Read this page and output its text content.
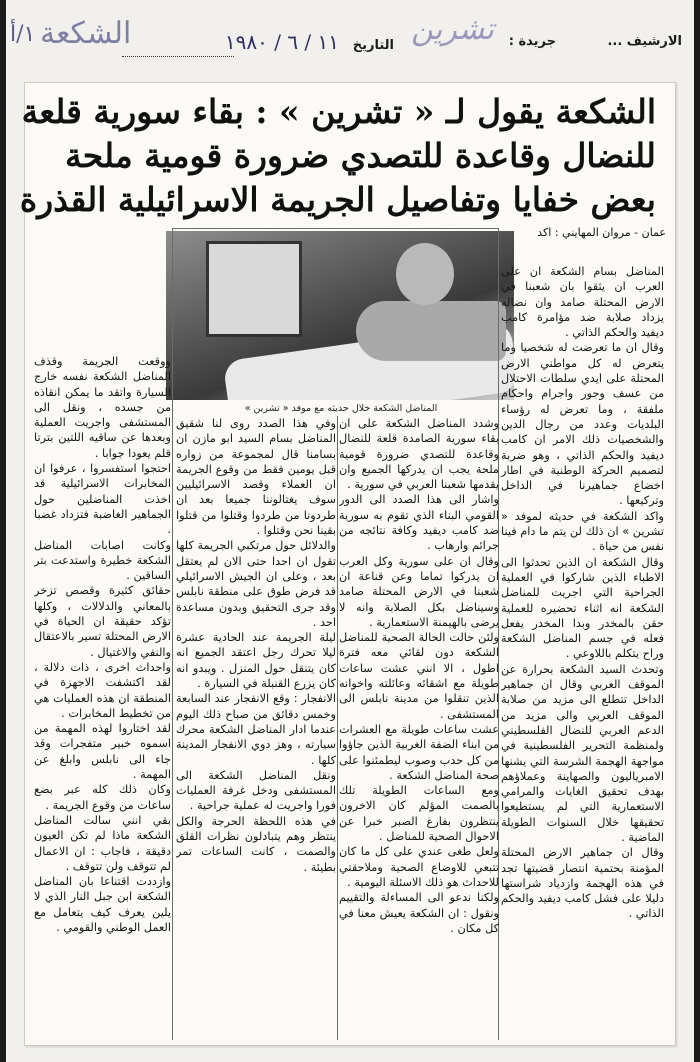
الارشيف ...
جريدة :
تشرين
التاريخ
١١ / ٦ / ١٩٨٠
الشكعة
١/أ
الشكعة يقول لـ « تشرين » : بقاء سورية قلعة
للنضال وقاعدة للتصدي ضرورة قومية ملحة
بعض خفايا وتفاصيل الجريمة الاسرائيلية القذرة
عمان - مروان المهايني : اكد
المناضل الشكعة خلال حديثه مع موفد « تشرين »

المناضل بسام الشكعة ان على العرب ان يثقوا بان شعبنا في الارض المحتلة صامد وان نضاله يزداد صلابة ضد مؤامرة كامب ديفيد والحكم الذاتي .

وقال ان ما تعرضت له شخصيا وما يتعرض له كل مواطني الارض المحتلة على ايدي سلطات الاحتلال من عسف وجور واجرام واحكام ملفقة ، وما تعرض له رؤساء البلديات وعدد من رجال الدين والشخصيات ذلك الامر ان كامب ديفيد والحكم الذاتي ، وهو ضربة لتصميم الحركة الوطنية في اطار اخضاع جماهيرنا في الداخل وتركيعها .

واكد الشكعة في حديثه لموفد « تشرين » ان ذلك لن يتم ما دام فينا نفس من حياة .

وقال الشكعة ان الذين تحدثوا الى الاطباء الذين شاركوا في العملية الجراحية التي اجريت للمناضل الشكعة انه اثناء تحضيره للعملية حقن بالمخدر وبدا المخدر يفعل فعله في جسم المناضل الشكعة وراح يتكلم باللاوعي .

وتحدث السيد الشكعة بحرارة عن الموقف العربي وقال ان جماهير الداخل تتطلع الى مزيد من صلابة الموقف العربي والى مزيد من الدعم العربي للنضال الفلسطيني ولمنظمة التحرير الفلسطينية في مواجهة الهجمة الشرسة التي يشنها الامبرياليون والصهاينة وعملاؤهم بهدف تحقيق الغايات والمرامي الاستعمارية التي لم يستطيعوا تحقيقها خلال السنوات الطويلة الماضية .

وقال ان جماهير الارض المحتلة المؤمنة بحتمية انتصار قضيتها تجد في هذه الهجمة وازدياد شراستها دليلا على فشل كامب ديفيد والحكم الذاتي .

وشدد المناضل الشكعة على ان بقاء سورية الصامدة قلعة للنضال وقاعدة للتصدي ضرورة قومية ملحة يجب ان يدركها الجميع وان يقدمها شعبنا العربي في سورية .

واشار الى هذا الصدد الى الدور القومي البناء الذي تقوم به سورية ضد كامب ديفيد وكافة نتائجه من جرائم وارهاب .

وقال ان على سورية وكل العرب ان يدركوا تماما وعن قناعة ان شعبنا في الارض المحتلة صامد وسيناضل بكل الصلابة وانه لا يرضى بالهيمنة الاستعمارية .

ولئن حالت الحالة الصحية للمناضل الشكعة دون لقائي معه فترة اطول ، الا انني عشت ساعات طويلة مع اشقائه وعائلته واخوانه الذين تنقلوا من مدينة نابلس الى المستشفى .

عشت ساعات طويلة مع العشرات من ابناء الضفة الغربية الذين جاؤوا من كل حدب وصوب ليطمئنوا على صحة المناضل الشكعة .

ومع الساعات الطويلة تلك بالصمت المؤلم كان الاخرون ينتظرون بفارغ الصبر خبرا عن الاحوال الصحية للمناضل .

ولعل طغى عندي على كل ما كان تتبعي للاوضاع الصحية وملاحقتي للاحداث هو ذلك الاسئلة اليومية .

ولكنا ندعو الى المساءلة والتقييم ونقول : ان الشكعة يعيش معنا في كل مكان .

وفي هذا الصدد روى لنا شقيق المناضل بسام السيد ابو مازن ان بسامنا قال لمجموعة من زواره قبل يومين فقط من وقوع الجريمة ان العملاء وقصد الاسرائيليين سوف يغتالوننا جميعا بعد ان طردونا من طردوا وقتلوا من قتلوا بقينا نحن وقتلوا .

والدلائل حول مرتكبي الجريمة كلها تقول ان احدا حتى الان لم يعتقل بعد ، وعلى ان الجيش الاسرائيلي قد فرض طوق على منطقة نابلس وقد جرى التحقيق وبدون مساعدة احد .

ليلة الجريمة عند الحادية عشرة ليلا تحرك رجل اعتقد الجميع انه كان يتنقل حول المنزل . ويبدو انه كان يزرع القنبلة في السيارة .

الانفجار : وقع الانفجار عند السابعة وخمس دقائق من صباح ذلك اليوم عندما ادار المناضل الشكعة محرك سيارته ، وهز دوي الانفجار المدينة كلها .

ونقل المناضل الشكعة الى المستشفى ودخل غرفة العمليات فورا واجريت له عملية جراحية .

في هذه اللحظة الحرجة والكل ينتظر وهم يتبادلون نظرات القلق والصمت ، كانت الساعات تمر بطيئة .

ووقعت الجريمة وقذف المناضل الشكعة نفسه خارج السيارة واتقد ما يمكن انقاذه من جسده ، ونقل الى المستشفى واجريت العملية وبعدها عن ساقيه اللتين بترتا قلم يعودا جوابا .

احتجوا استفسروا ، عرفوا ان المخابرات الاسرائيلية قد اخذت المناضلين حول الجماهير الغاضبة فتزداد غضبا .

وكانت اصابات المناضل الشكعة خطيرة واستدعت بتر الساقين .

حقائق كثيرة وقصص تزخر بالمعاني والدلالات ، وكلها تؤكد حقيقة ان الحياة في الارض المحتلة تسير بالاعتقال والنفي والاغتيال .

واحداث اخرى ، ذات دلالة ، لقد اكتشفت الاجهزة في المنطقة ان هذه العمليات هي من تخطيط المخابرات .

لقد اختاروا لهذه المهمة من اسموه خبير متفجرات وقد جاء الى نابلس وابلغ عن المهمة .

وكان ذلك كله عبر بضع ساعات من وقوع الجريمة .

بقي انني سالت المناضل الشكعة ماذا لم تكن العيون دقيقة ، فاجاب : ان الاعمال لم تتوقف ولن تتوقف .

وازددت اقتناعا بان المناضل الشكعة ابن جبل النار الذي لا يلين يعرف كيف يتعامل مع العمل الوطني والقومي .
